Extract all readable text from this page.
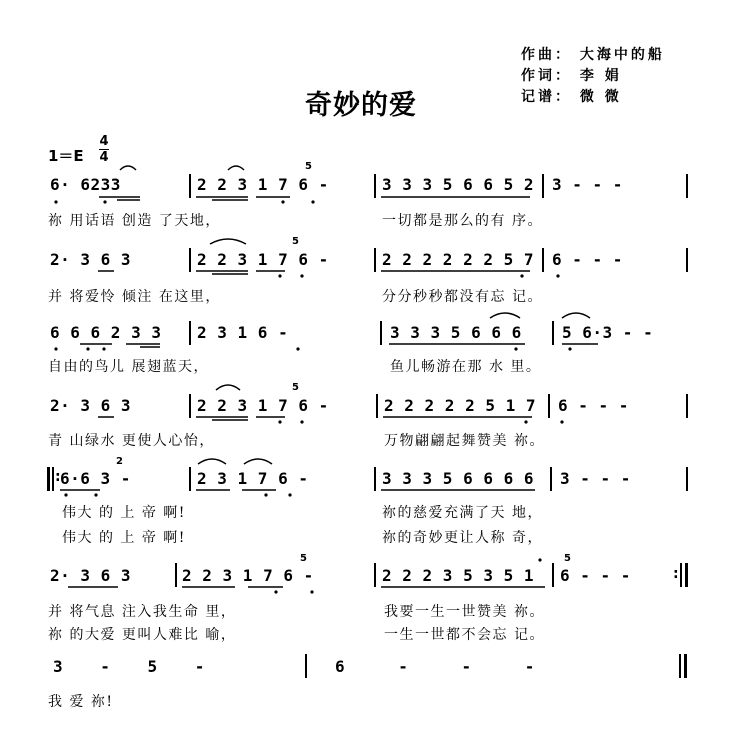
奇妙的爱
作曲： 大海中的船
作词： 李 娟
记谱： 微 微
1＝E
4
4
6· 6233	2 2 3 1 7 6 -	3 3 3 5 6 6 5 2 3 - - -
祢 用话语 创造 了天地，	一切都是那么的有 序。
5
2· 3 6 3	2 2 3 1 7 6 -	2 2 2 2 2 2 5 7 6 - - -
并 将爱怜 倾注 在这里，	分分秒秒都没有忘 记。
5
6 6 6 2 3 3 2 3 1 6 -	3 3 3 5 6 6 6	5 6·3 - -
自由的鸟儿 展翅蓝天，	鱼儿畅游在那 水 里。
2· 3 6 3	2 2 3 1 7 6 -	2 2 2 2 2 5 1 7 6 - - -
青 山绿水 更使人心怡，	万物翩翩起舞赞美 祢。
5
6·6 3 -	2 3 1 7 6 -	3 3 3 5 6 6 6 6 3 - - -
伟大 的 上 帝 啊!	祢的慈爱充满了天 地，
伟大 的 上 帝 啊!	祢的奇妙更让人称 奇，
2
2· 3 6 3	2 2 3 1 7 6 -	2 2 2 3 5 3 5 1 6 - - -
并 将气息 注入我生命 里，	我要一生一世赞美 祢。
祢 的大爱 更叫人难比 喻，	一生一世都不会忘 记。
5	5
3 - 5 -	6 - - -
我 爱 祢!
:
:
